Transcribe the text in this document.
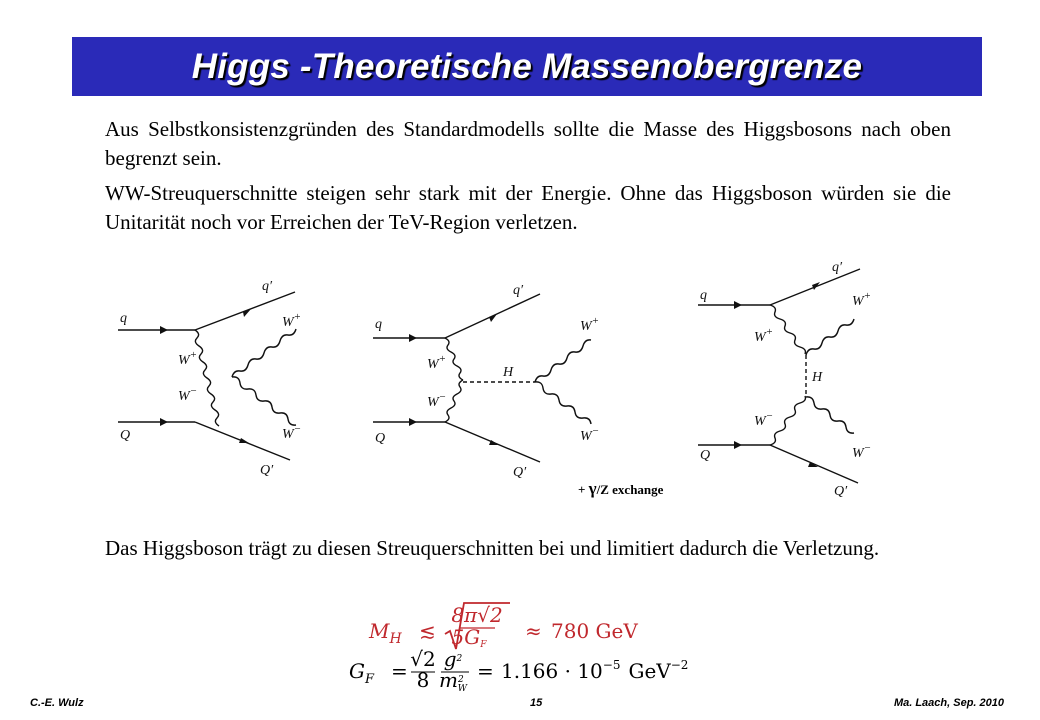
Higgs -Theoretische Massenobergrenze

Aus Selbstkonsistenzgründen des Standardmodells sollte die Masse des Higgsbosons nach oben begrenzt sein.

WW-Streuquerschnitte steigen sehr stark mit der Energie. Ohne das Higgsboson würden sie die Unitarität noch vor Erreichen der TeV-Region verletzen.

q
q′
Q
Q′
W+
W−
W+
W−
q
q′
Q
Q′
H
W+
W−
W+
W−
q
q′
Q
Q′
H
W+
W−
W+
W−
+ γ/Z exchange

Das Higgsboson trägt zu diesen Streuquerschnitten bei und limitiert dadurch die Verletzung.

$M_H$ ≲
8π√2
5GF
≈ 780 GeV
$G_F = √2$
8
$g^2$
$m^2$ W
= $1.166 \cdot 10^{-5}$ GeV$^{-2}$
C.-E. Wulz	15	Ma. Laach, Sep. 2010
